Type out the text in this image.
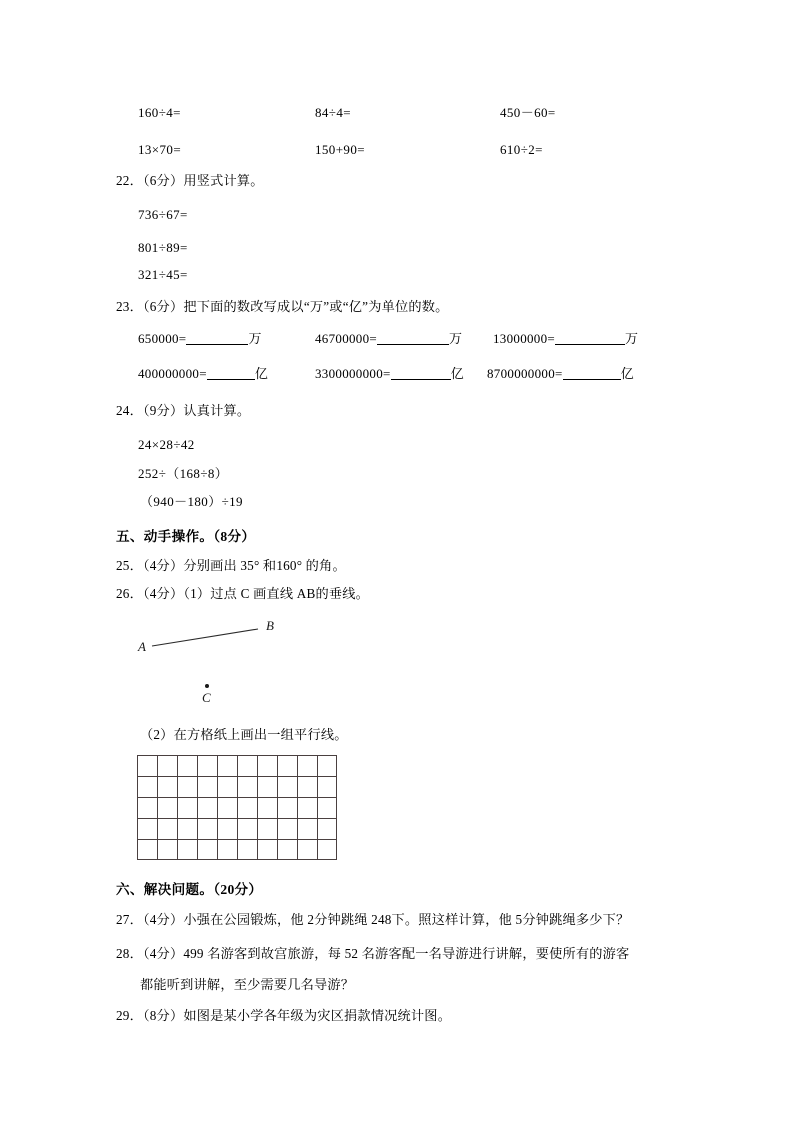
160÷4=	84÷4=	450－60=
13×70=	150+90=	610÷2=
22．（6分）用竖式计算。
736÷67=
801÷89=
321÷45=
23．（6分）把下面的数改写成以“万”或“亿”为单位的数。
650000=	万	46700000=	万 13000000=	万
400000000=	亿	3300000000=	亿 8700000000=	亿
24．（9分）认真计算。
24×28÷42
252÷（168÷8）
（940－180）÷19
五、动手操作。（8分）
25．（4分）分别画出 35° 和160° 的角。
26．（4分）（1）过点 C 画直线 AB的垂线。
A
B
C
（2）在方格纸上画出一组平行线。
六、解决问题。（20分）
27．（4分）小强在公园锻炼，他 2分钟跳绳 248下。照这样计算，他 5分钟跳绳多少下？
28．（4分）499 名游客到故宫旅游，每 52 名游客配一名导游进行讲解，要使所有的游客
都能听到讲解，至少需要几名导游？
29．（8分）如图是某小学各年级为灾区捐款情况统计图。
